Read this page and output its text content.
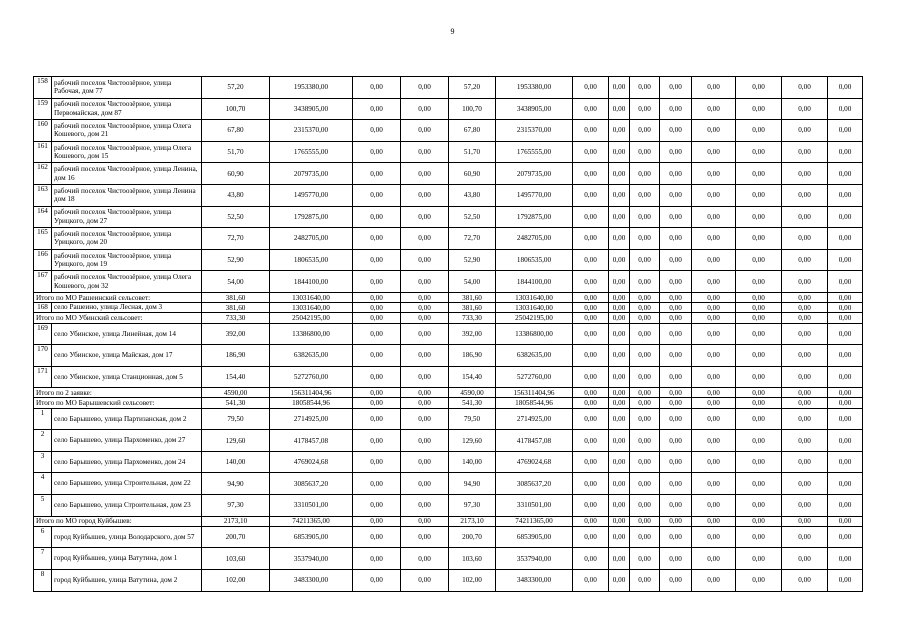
9
158	рабочий поселок Чистоозёрное, улица Рабочая, дом 77	57,20	1953380,00	0,00	0,00	57,20	1953380,00	0,00	0,00	0,00	0,00	0,00	0,00	0,00	0,00
159	рабочий поселок Чистоозёрное, улица Первомайская, дом 87	100,70	3438905,00	0,00	0,00	100,70	3438905,00	0,00	0,00	0,00	0,00	0,00	0,00	0,00	0,00
160	рабочий поселок Чистоозёрное, улица Олега Кошевого, дом 21	67,80	2315370,00	0,00	0,00	67,80	2315370,00	0,00	0,00	0,00	0,00	0,00	0,00	0,00	0,00
161	рабочий поселок Чистоозёрное, улица Олега Кошевого, дом 15	51,70	1765555,00	0,00	0,00	51,70	1765555,00	0,00	0,00	0,00	0,00	0,00	0,00	0,00	0,00
162	рабочий поселок Чистоозёрное, улица Ленина, дом 16	60,90	2079735,00	0,00	0,00	60,90	2079735,00	0,00	0,00	0,00	0,00	0,00	0,00	0,00	0,00
163	рабочий поселок Чистоозёрное, улица Ленина дом 18	43,80	1495770,00	0,00	0,00	43,80	1495770,00	0,00	0,00	0,00	0,00	0,00	0,00	0,00	0,00
164	рабочий поселок Чистоозёрное, улица Урицкого, дом 27	52,50	1792875,00	0,00	0,00	52,50	1792875,00	0,00	0,00	0,00	0,00	0,00	0,00	0,00	0,00
165	рабочий поселок Чистоозёрное, улица Урицкого, дом 20	72,70	2482705,00	0,00	0,00	72,70	2482705,00	0,00	0,00	0,00	0,00	0,00	0,00	0,00	0,00
166	рабочий поселок Чистоозёрное, улица Урицкого, дом 19	52,90	1806535,00	0,00	0,00	52,90	1806535,00	0,00	0,00	0,00	0,00	0,00	0,00	0,00	0,00
167	рабочий поселок Чистоозёрное, улица Олега Кошевого, дом 32	54,00	1844100,00	0,00	0,00	54,00	1844100,00	0,00	0,00	0,00	0,00	0,00	0,00	0,00	0,00
Итого по МО Рашеинский сельсовет:		381,60	13031640,00	0,00	0,00	381,60	13031640,00	0,00	0,00	0,00	0,00	0,00	0,00	0,00	0,00
168	село Рашеино, улица Лесная, дом 3	381,60	13031640,00	0,00	0,00	381,60	13031640,00	0,00	0,00	0,00	0,00	0,00	0,00	0,00	0,00
Итого по МО Убинский сельсовет:		733,30	25042195,00	0,00	0,00	733,30	25042195,00	0,00	0,00	0,00	0,00	0,00	0,00	0,00	0,00
169	село Убинское, улица Линейная, дом 14	392,00	13386800,00	0,00	0,00	392,00	13386800,00	0,00	0,00	0,00	0,00	0,00	0,00	0,00	0,00
170	село Убинское, улица Майская, дом 17	186,90	6382635,00	0,00	0,00	186,90	6382635,00	0,00	0,00	0,00	0,00	0,00	0,00	0,00	0,00
171	село Убинское, улица Станционная, дом 5	154,40	5272760,00	0,00	0,00	154,40	5272760,00	0,00	0,00	0,00	0,00	0,00	0,00	0,00	0,00
Итого по 2 заявке:		4590,00	156311404,96	0,00	0,00	4590,00	156311404,96	0,00	0,00	0,00	0,00	0,00	0,00	0,00	0,00
Итого по МО Барышевский сельсовет:		541,30	18058544,96	0,00	0,00	541,30	18058544,96	0,00	0,00	0,00	0,00	0,00	0,00	0,00	0,00
1	село Барышево, улица Партизанская, дом 2	79,50	2714925,00	0,00	0,00	79,50	2714925,00	0,00	0,00	0,00	0,00	0,00	0,00	0,00	0,00
2	село Барышево, улица Пархоменко, дом 27	129,60	4178457,08	0,00	0,00	129,60	4178457,08	0,00	0,00	0,00	0,00	0,00	0,00	0,00	0,00
3	село Барышево, улица Пархоменко, дом 24	140,00	4769024,68	0,00	0,00	140,00	4769024,68	0,00	0,00	0,00	0,00	0,00	0,00	0,00	0,00
4	село Барышево, улица Строительная, дом 22	94,90	3085637,20	0,00	0,00	94,90	3085637,20	0,00	0,00	0,00	0,00	0,00	0,00	0,00	0,00
5	село Барышево, улица Строительная, дом 23	97,30	3310501,00	0,00	0,00	97,30	3310501,00	0,00	0,00	0,00	0,00	0,00	0,00	0,00	0,00
Итого по МО город Куйбышев:		2173,10	74211365,00	0,00	0,00	2173,10	74211365,00	0,00	0,00	0,00	0,00	0,00	0,00	0,00	0,00
6	город Куйбышев, улица Володарского, дом 57	200,70	6853905,00	0,00	0,00	200,70	6853905,00	0,00	0,00	0,00	0,00	0,00	0,00	0,00	0,00
7	город Куйбышев, улица Ватутина, дом 1	103,60	3537940,00	0,00	0,00	103,60	3537940,00	0,00	0,00	0,00	0,00	0,00	0,00	0,00	0,00
8	город Куйбышев, улица Ватутина, дом 2	102,00	3483300,00	0,00	0,00	102,00	3483300,00	0,00	0,00	0,00	0,00	0,00	0,00	0,00	0,00
